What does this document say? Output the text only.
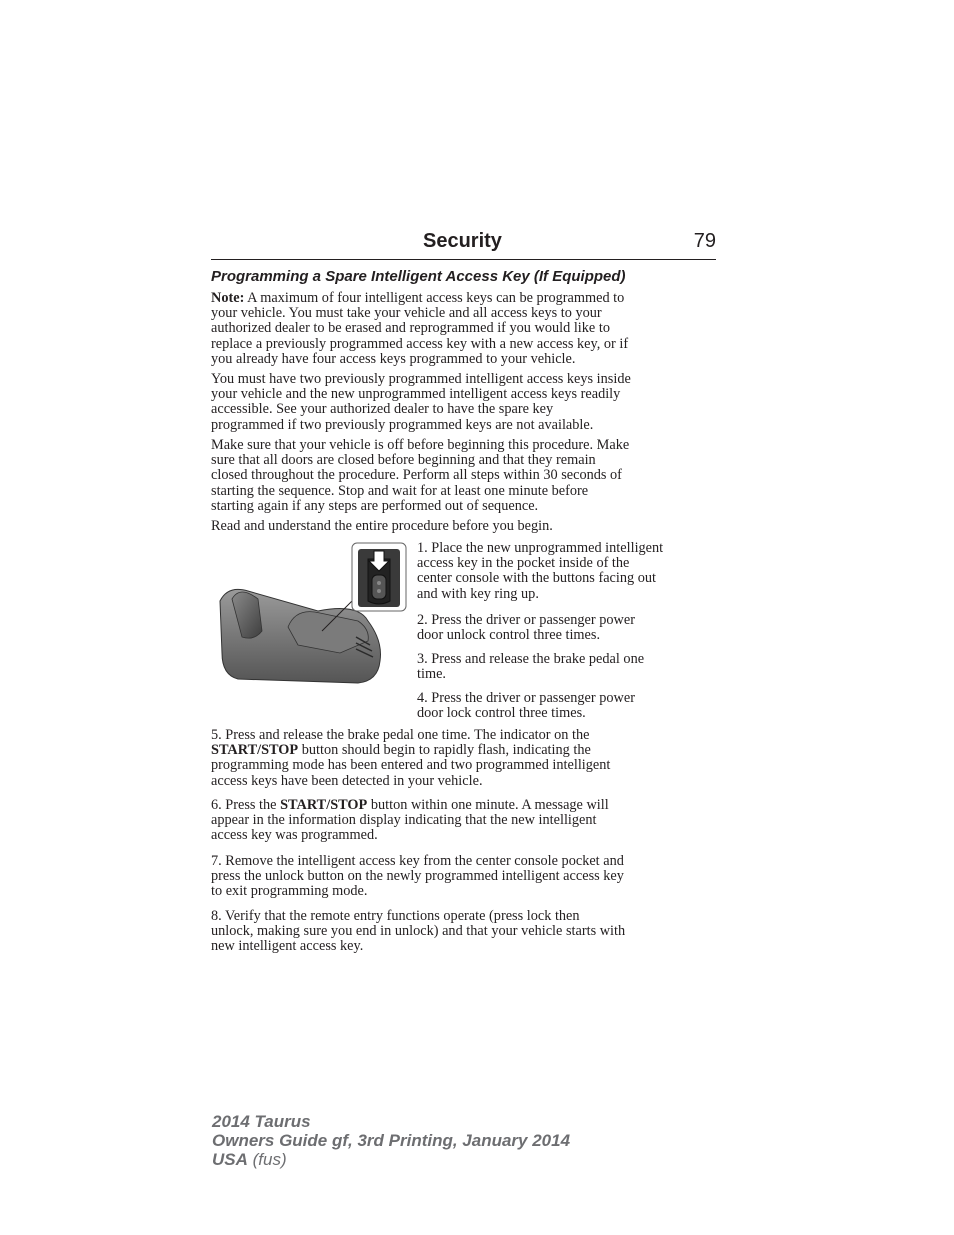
Security	79
Programming a Spare Intelligent Access Key (If Equipped)
Note: A maximum of four intelligent access keys can be programmed to
your vehicle. You must take your vehicle and all access keys to your
authorized dealer to be erased and reprogrammed if you would like to
replace a previously programmed access key with a new access key, or if
you already have four access keys programmed to your vehicle.
You must have two previously programmed intelligent access keys inside
your vehicle and the new unprogrammed intelligent access keys readily
accessible. See your authorized dealer to have the spare key
programmed if two previously programmed keys are not available.
Make sure that your vehicle is off before beginning this procedure. Make
sure that all doors are closed before beginning and that they remain
closed throughout the procedure. Perform all steps within 30 seconds of
starting the sequence. Stop and wait for at least one minute before
starting again if any steps are performed out of sequence.
Read and understand the entire procedure before you begin.
1. Place the new unprogrammed intelligent
access key in the pocket inside of the
center console with the buttons facing out
and with key ring up.
2. Press the driver or passenger power
door unlock control three times.
3. Press and release the brake pedal one
time.
4. Press the driver or passenger power
door lock control three times.
5. Press and release the brake pedal one time. The indicator on the
START/STOP button should begin to rapidly flash, indicating the
programming mode has been entered and two programmed intelligent
access keys have been detected in your vehicle.
6. Press the START/STOP button within one minute. A message will
appear in the information display indicating that the new intelligent
access key was programmed.
7. Remove the intelligent access key from the center console pocket and
press the unlock button on the newly programmed intelligent access key
to exit programming mode.
8. Verify that the remote entry functions operate (press lock then
unlock, making sure you end in unlock) and that your vehicle starts with
new intelligent access key.
2014 Taurus
Owners Guide gf, 3rd Printing, January 2014
USA (fus)
